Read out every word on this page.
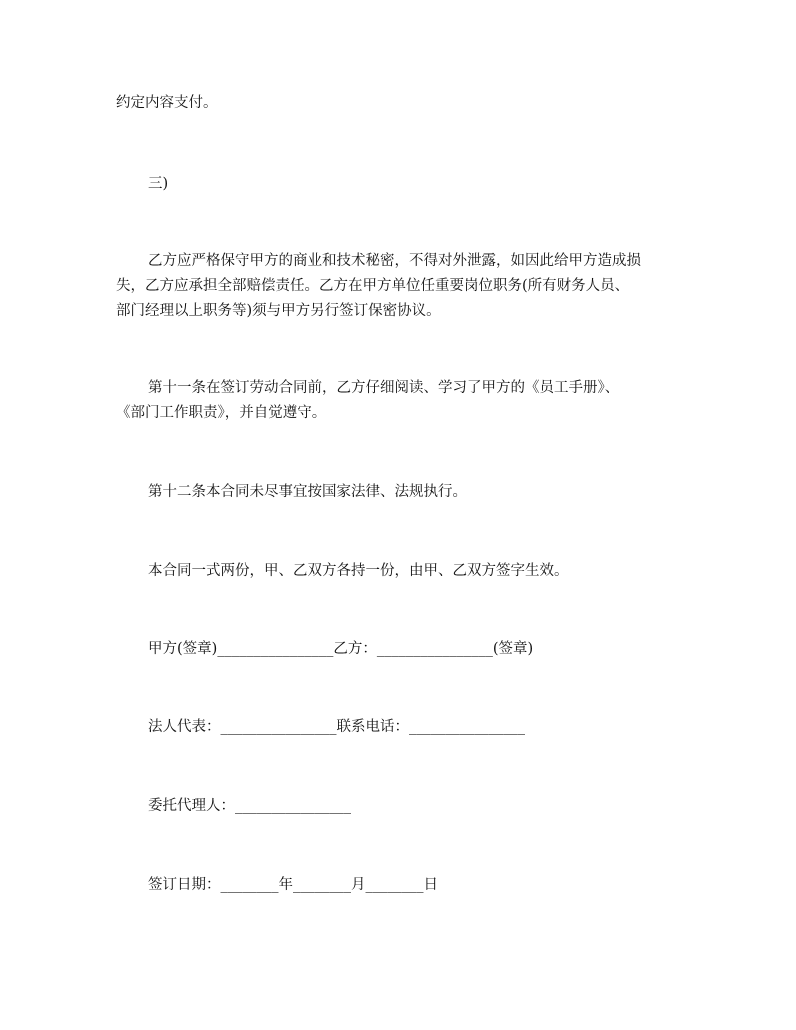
约定内容支付。
三)
乙方应严格保守甲方的商业和技术秘密，不得对外泄露，如因此给甲方造成损
失，乙方应承担全部赔偿责任。乙方在甲方单位任重要岗位职务(所有财务人员、
部门经理以上职务等)须与甲方另行签订保密协议。
第十一条在签订劳动合同前，乙方仔细阅读、学习了甲方的《员工手册》、
《部门工作职责》，并自觉遵守。
第十二条本合同未尽事宜按国家法律、法规执行。
本合同一式两份，甲、乙双方各持一份，由甲、乙双方签字生效。
甲方(签章)________________乙方：________________(签章)
法人代表：________________联系电话：________________
委托代理人：________________
签订日期：________年________月________日
